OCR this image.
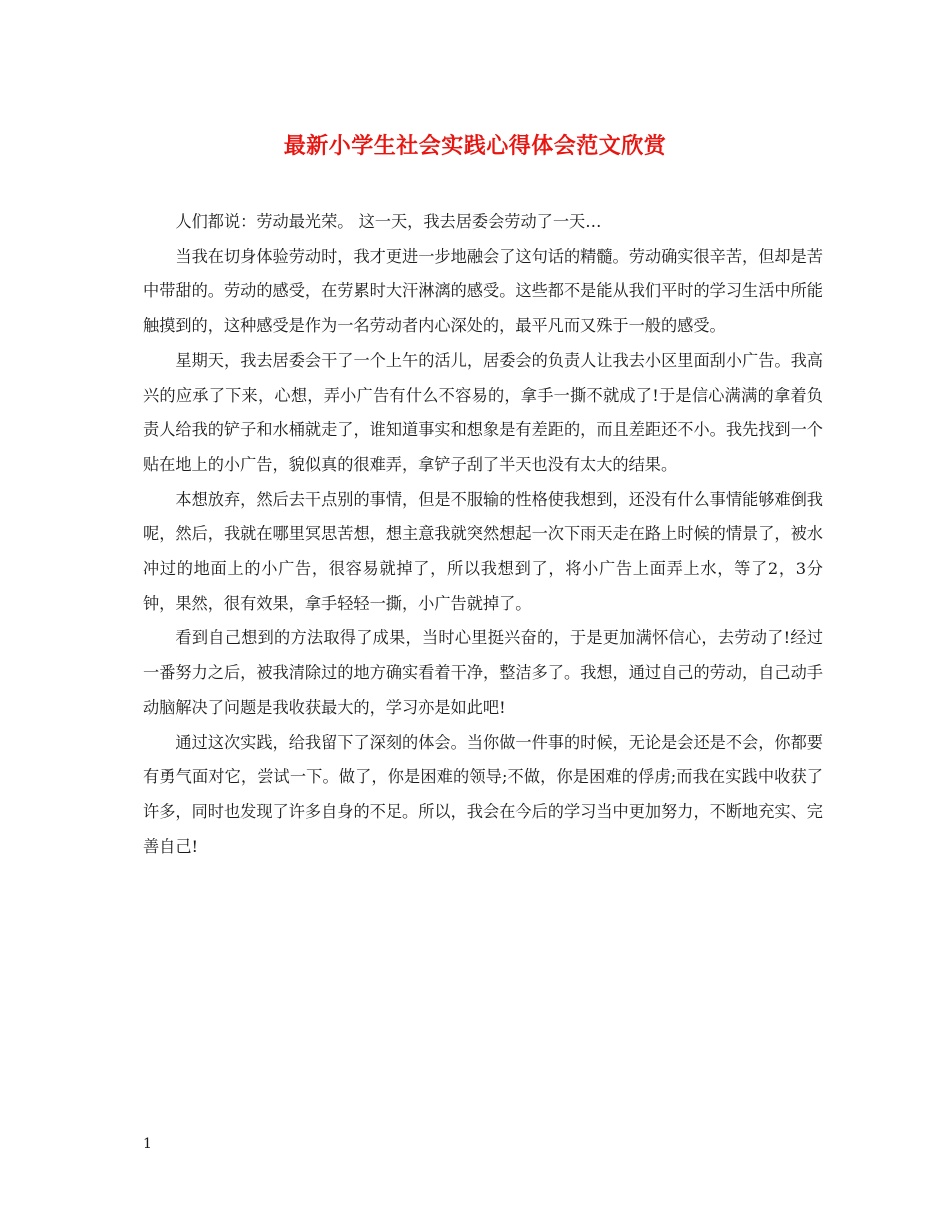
最新小学生社会实践心得体会范文欣赏

人们都说：劳动最光荣。 这一天，我去居委会劳动了一天…

当我在切身体验劳动时，我才更进一步地融会了这句话的精髓。劳动确实很辛苦，但却是苦中带甜的。劳动的感受，在劳累时大汗淋漓的感受。这些都不是能从我们平时的学习生活中所能触摸到的，这种感受是作为一名劳动者内心深处的，最平凡而又殊于一般的感受。

星期天，我去居委会干了一个上午的活儿，居委会的负责人让我去小区里面刮小广告。我高兴的应承了下来，心想，弄小广告有什么不容易的，拿手一撕不就成了!于是信心满满的拿着负责人给我的铲子和水桶就走了，谁知道事实和想象是有差距的，而且差距还不小。我先找到一个贴在地上的小广告，貌似真的很难弄，拿铲子刮了半天也没有太大的结果。

本想放弃，然后去干点别的事情，但是不服输的性格使我想到，还没有什么事情能够难倒我呢，然后，我就在哪里冥思苦想，想主意我就突然想起一次下雨天走在路上时候的情景了，被水冲过的地面上的小广告，很容易就掉了，所以我想到了，将小广告上面弄上水，等了2，3分钟，果然，很有效果，拿手轻轻一撕，小广告就掉了。

看到自己想到的方法取得了成果，当时心里挺兴奋的，于是更加满怀信心，去劳动了!经过一番努力之后，被我清除过的地方确实看着干净，整洁多了。我想，通过自己的劳动，自己动手动脑解决了问题是我收获最大的，学习亦是如此吧!

通过这次实践，给我留下了深刻的体会。当你做一件事的时候，无论是会还是不会，你都要有勇气面对它，尝试一下。做了，你是困难的领导;不做，你是困难的俘虏;而我在实践中收获了许多，同时也发现了许多自身的不足。所以，我会在今后的学习当中更加努力，不断地充实、完善自己!

1
